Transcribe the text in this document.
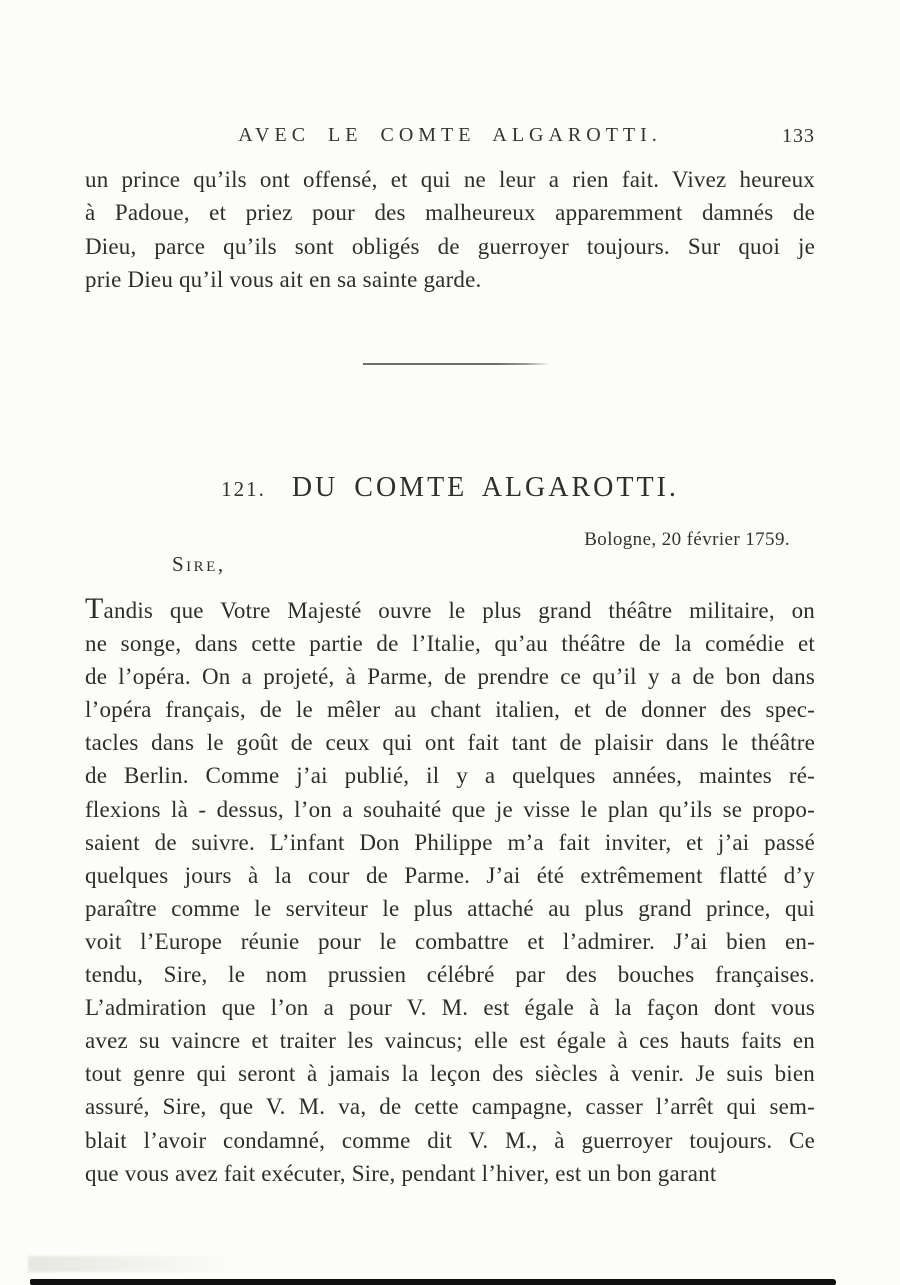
AVEC LE COMTE ALGAROTTI.	133
un prince qu’ils ont offensé, et qui ne leur a rien fait. Vivez heureux
à Padoue, et priez pour des malheureux apparemment damnés de
Dieu, parce qu’ils sont obligés de guerroyer toujours. Sur quoi je
prie Dieu qu’il vous ait en sa sainte garde.
121. DU COMTE ALGAROTTI.
Bologne, 20 février 1759.
Sire,
Tandis que Votre Majesté ouvre le plus grand théâtre militaire, on
ne songe, dans cette partie de l’Italie, qu’au théâtre de la comédie et
de l’opéra. On a projeté, à Parme, de prendre ce qu’il y a de bon dans
l’opéra français, de le mêler au chant italien, et de donner des spec-
tacles dans le goût de ceux qui ont fait tant de plaisir dans le théâtre
de Berlin. Comme j’ai publié, il y a quelques années, maintes ré-
flexions là - dessus, l’on a souhaité que je visse le plan qu’ils se propo-
saient de suivre. L’infant Don Philippe m’a fait inviter, et j’ai passé
quelques jours à la cour de Parme. J’ai été extrêmement flatté d’y
paraître comme le serviteur le plus attaché au plus grand prince, qui
voit l’Europe réunie pour le combattre et l’admirer. J’ai bien en-
tendu, Sire, le nom prussien célébré par des bouches françaises.
L’admiration que l’on a pour V. M. est égale à la façon dont vous
avez su vaincre et traiter les vaincus; elle est égale à ces hauts faits en
tout genre qui seront à jamais la leçon des siècles à venir. Je suis bien
assuré, Sire, que V. M. va, de cette campagne, casser l’arrêt qui sem-
blait l’avoir condamné, comme dit V. M., à guerroyer toujours. Ce
que vous avez fait exécuter, Sire, pendant l’hiver, est un bon garant
